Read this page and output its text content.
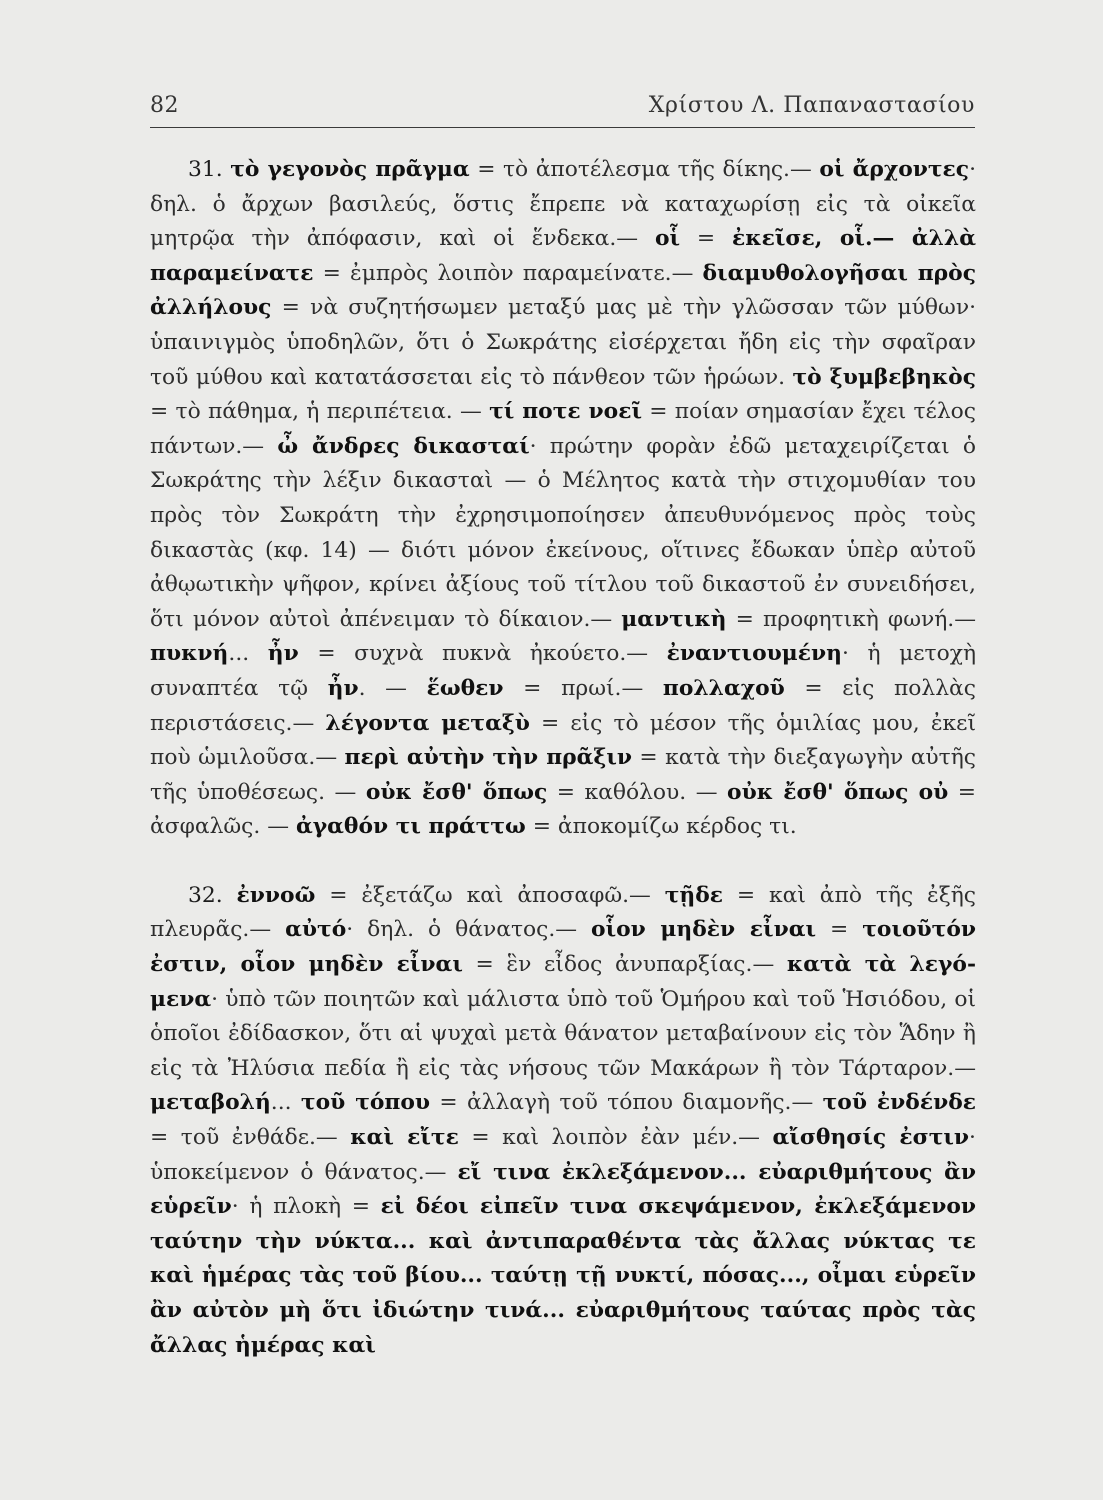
82	Χρίστου Λ. Παπαναστασίου

31. τὸ γεγονὸς πρᾶγμα = τὸ ἀποτέλεσμα τῆς δίκης.— οἱ ἄρχοντες· δηλ. ὁ ἄρχων βασιλεύς, ὅστις ἔπρεπε νὰ καταχωρίσῃ εἰς τὰ οἰκεῖα μητρῷα τὴν ἀπόφασιν, καὶ οἱ ἕνδεκα.— οἷ = ἐκεῖσε, οἷ.— ἀλλὰ παραμείνατε = ἐμπρὸς λοιπὸν παραμείνατε.— διαμυθολογῆσαι πρὸς ἀλλήλους = νὰ συζητήσωμεν μεταξύ μας μὲ τὴν γλῶσσαν τῶν μύθων· ὑπαινιγμὸς ὑποδηλῶν, ὅτι ὁ Σωκράτης εἰσέρχεται ἤδη εἰς τὴν σφαῖραν τοῦ μύθου καὶ κατατάσσεται εἰς τὸ πάνθεον τῶν ἡρώων. τὸ ξυμβεβηκὸς = τὸ πάθημα, ἡ περιπέτεια. — τί ποτε νοεῖ = ποίαν σημασίαν ἔχει τέλος πάντων.— ὦ ἄνδρες δικασταί· πρώτην φορὰν ἐδῶ μεταχειρίζεται ὁ Σωκράτης τὴν λέξιν δικασταὶ — ὁ Μέλητος κατὰ τὴν στιχομυθίαν του πρὸς τὸν Σωκράτη τὴν ἐχρησιμοποίησεν ἀπευθυνόμενος πρὸς τοὺς δικαστὰς (κφ. 14) — διότι μόνον ἐκείνους, οἵτινες ἔδωκαν ὑπὲρ αὐτοῦ ἀθῳωτικὴν ψῆφον, κρίνει ἀξίους τοῦ τίτλου τοῦ δικαστοῦ ἐν συνειδήσει, ὅτι μόνον αὐτοὶ ἀπένειμαν τὸ δίκαιον.— μαντικὴ = προφητικὴ φωνή.— πυκνή... ἦν = συχνὰ πυκνὰ ἠκούετο.— ἐναντιουμένη· ἡ μετοχὴ συναπτέα τῷ ἦν. — ἕωθεν = πρωί.— πολλαχοῦ = εἰς πολλὰς περιστάσεις.— λέγοντα μεταξὺ = εἰς τὸ μέσον τῆς ὁμιλίας μου, ἐκεῖ ποὺ ὡμιλοῦσα.— περὶ αὐτὴν τὴν πρᾶξιν = κατὰ τὴν διεξαγωγὴν αὐτῆς τῆς ὑποθέσεως. — οὐκ ἔσθ' ὅπως = καθόλου. — οὐκ ἔσθ' ὅπως οὐ = ἀσφαλῶς. — ἀγαθόν τι πράττω = ἀποκομίζω κέρδος τι.

32. ἐννοῶ = ἐξετάζω καὶ ἀποσαφῶ.— τῇδε = καὶ ἀπὸ τῆς ἐξῆς πλευρᾶς.— αὐτό· δηλ. ὁ θάνατος.— οἷον μηδὲν εἶναι = τοιοῦτόν ἐστιν, οἷον μηδὲν εἶναι = ἓν εἶδος ἀνυπαρξίας.— κατὰ τὰ λεγόμενα· ὑπὸ τῶν ποιητῶν καὶ μάλιστα ὑπὸ τοῦ Ὁμήρου καὶ τοῦ Ἡσιόδου, οἱ ὁποῖοι ἐδίδασκον, ὅτι αἱ ψυχαὶ μετὰ θάνατον μεταβαίνουν εἰς τὸν Ἅδην ἢ εἰς τὰ Ἠλύσια πεδία ἢ εἰς τὰς νήσους τῶν Μακάρων ἢ τὸν Τάρταρον.— μεταβολή... τοῦ τόπου = ἀλλαγὴ τοῦ τόπου διαμονῆς.— τοῦ ἐνδένδε = τοῦ ἐνθάδε.— καὶ εἴτε = καὶ λοιπὸν ἐὰν μέν.— αἴσθησίς ἐστιν· ὑποκείμενον ὁ θάνατος.— εἴ τινα ἐκλεξάμενον... εὐαριθμήτους ἂν εὑρεῖν· ἡ πλοκὴ = εἰ δέοι εἰπεῖν τινα σκεψάμενον, ἐκλεξάμενον ταύτην τὴν νύκτα... καὶ ἀντιπαραθέντα τὰς ἄλλας νύκτας τε καὶ ἡμέρας τὰς τοῦ βίου... ταύτῃ τῇ νυκτί, πόσας..., οἶμαι εὑρεῖν ἂν αὐτὸν μὴ ὅτι ἰδιώτην τινά... εὐαριθμήτους ταύτας πρὸς τὰς ἄλλας ἡμέρας καὶ
